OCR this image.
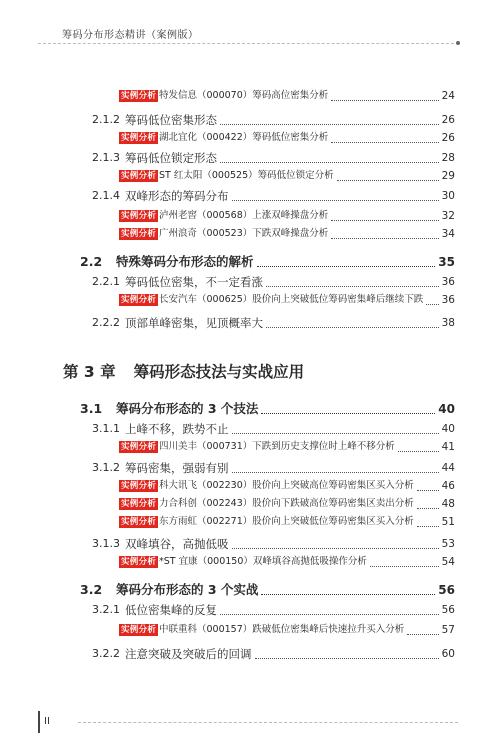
筹码分布形态精讲（案例版）
实例分析 特发信息（000070）筹码高位密集分析	24
2.1.2 筹码低位密集形态	26
实例分析 湖北宜化（000422）筹码低位密集分析	26
2.1.3 筹码低位锁定形态	28
实例分析 ST 红太阳（000525）筹码低位锁定分析	29
2.1.4 双峰形态的筹码分布	30
实例分析 泸州老窖（000568）上涨双峰操盘分析	32
实例分析 广州浪奇（000523）下跌双峰操盘分析	34
2.2 特殊筹码分布形态的解析	35
2.2.1 筹码低位密集，不一定看涨	36
实例分析 长安汽车（000625）股价向上突破低位筹码密集峰后继续下跌 36
2.2.2 顶部单峰密集，见顶概率大	38
3.1 筹码分布形态的 3 个技法	40
3.1.1 上峰不移，跌势不止	40
实例分析 四川美丰（000731）下跌到历史支撑位时上峰不移分析	41
3.1.2 筹码密集，强弱有别	44
实例分析 科大讯飞（002230）股价向上突破高位筹码密集区买入分析	46
实例分析 力合科创（002243）股价向下跌破高位筹码密集区卖出分析	48
实例分析 东方雨虹（002271）股价向上突破低位筹码密集区买入分析	51
3.1.3 双峰填谷，高抛低吸	53
实例分析 *ST 宜康（000150）双峰填谷高抛低吸操作分析	54
3.2 筹码分布形态的 3 个实战	56
3.2.1 低位密集峰的反复	56
实例分析 中联重科（000157）跌破低位密集峰后快速拉升买入分析	57
3.2.2 注意突破及突破后的回调	60
第 3 章 筹码形态技法与实战应用
II
